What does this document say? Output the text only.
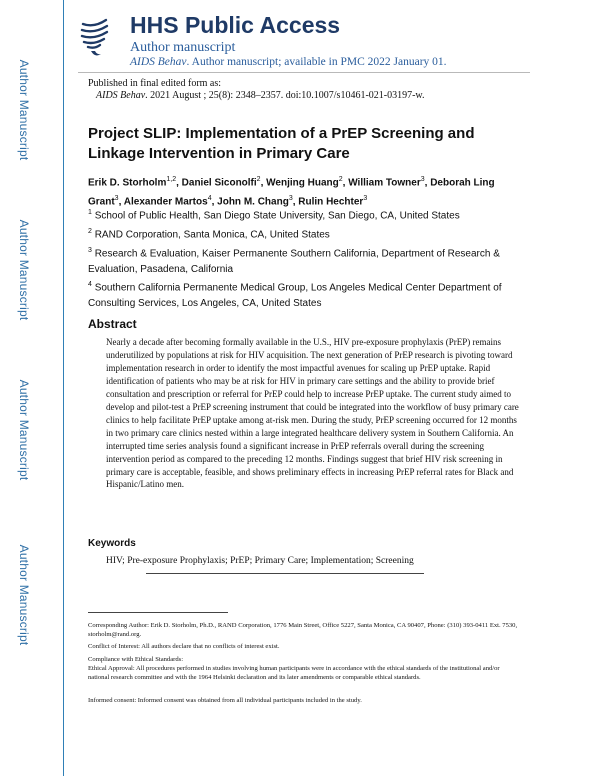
Author Manuscript
Author Manuscript
Author Manuscript
Author Manuscript
HHS Public Access
Author manuscript
AIDS Behav. Author manuscript; available in PMC 2022 January 01.
Published in final edited form as:
AIDS Behav. 2021 August ; 25(8): 2348–2357. doi:10.1007/s10461-021-03197-w.
Project SLIP: Implementation of a PrEP Screening and Linkage Intervention in Primary Care
Erik D. Storholm$^{1,2}$, Daniel Siconolfi$^2$, Wenjing Huang$^2$, William Towner$^3$, Deborah Ling Grant$^3$, Alexander Martos$^4$, John M. Chang$^3$, Rulin Hechter$^3$
$^1$ School of Public Health, San Diego State University, San Diego, CA, United States
$^2$ RAND Corporation, Santa Monica, CA, United States
$^3$ Research & Evaluation, Kaiser Permanente Southern California, Department of Research & Evaluation, Pasadena, California
$^4$ Southern California Permanente Medical Group, Los Angeles Medical Center Department of Consulting Services, Los Angeles, CA, United States
Abstract
Nearly a decade after becoming formally available in the U.S., HIV pre-exposure prophylaxis (PrEP) remains underutilized by populations at risk for HIV acquisition. The next generation of PrEP research is pivoting toward implementation research in order to identify the most impactful avenues for scaling up PrEP uptake. Rapid identification of patients who may be at risk for HIV in primary care settings and the ability to provide brief consultation and prescription or referral for PrEP could help to increase PrEP uptake. The current study aimed to develop and pilot-test a PrEP screening instrument that could be integrated into the workflow of busy primary care clinics to help facilitate PrEP uptake among at-risk men. During the study, PrEP screening occurred for 12 months in two primary care clinics nested within a large integrated healthcare delivery system in Southern California. An interrupted time series analysis found a significant increase in PrEP referrals overall during the screening intervention period as compared to the preceding 12 months. Findings suggest that brief HIV risk screening in primary care is acceptable, feasible, and shows preliminary effects in increasing PrEP referral rates for Black and Hispanic/Latino men.
Keywords
HIV; Pre-exposure Prophylaxis; PrEP; Primary Care; Implementation; Screening
Corresponding Author: Erik D. Storholm, Ph.D., RAND Corporation, 1776 Main Street, Office 5227, Santa Monica, CA 90407, Phone: (310) 393-0411 Ext. 7530, storholm@rand.org.
Conflict of Interest: All authors declare that no conflicts of interest exist.
Compliance with Ethical Standards:
Ethical Approval: All procedures performed in studies involving human participants were in accordance with the ethical standards of the institutional and/or national research committee and with the 1964 Helsinki declaration and its later amendments or comparable ethical standards.
Informed consent: Informed consent was obtained from all individual participants included in the study.
